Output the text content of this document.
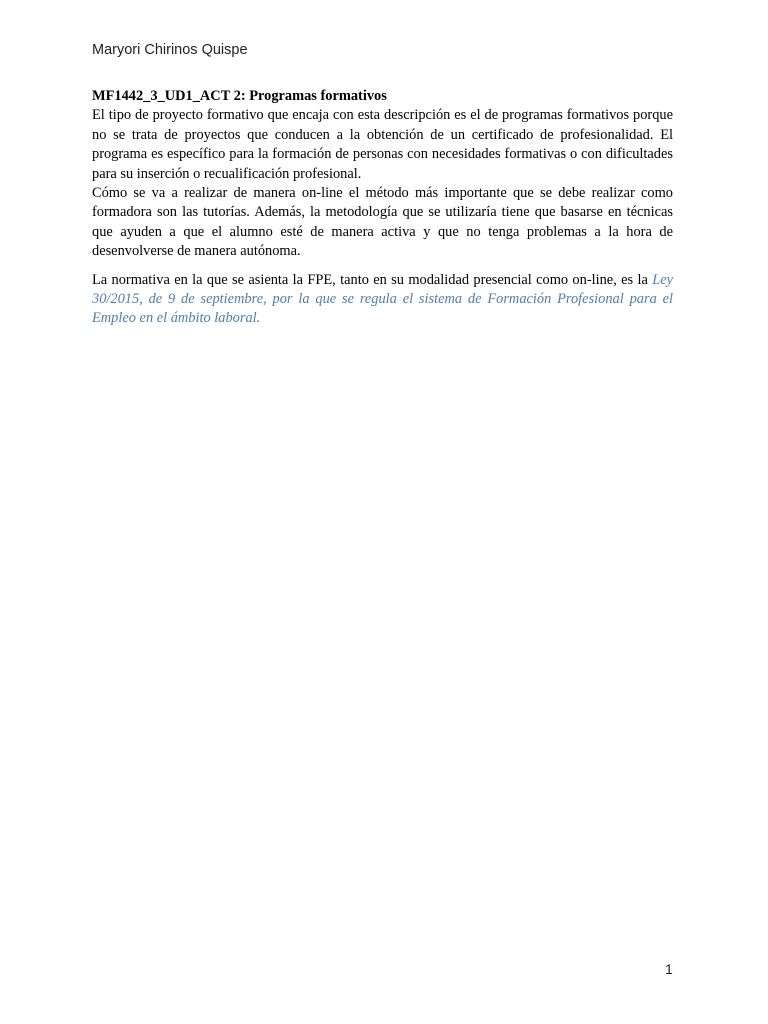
Maryori Chirinos Quispe

MF1442_3_UD1_ACT 2: Programas formativos

El tipo de proyecto formativo que encaja con esta descripción es el de programas formativos porque no se trata de proyectos que conducen a la obtención de un certificado de profesionalidad. El programa es específico para la formación de personas con necesidades formativas o con dificultades para su inserción o recualificación profesional.

Cómo se va a realizar de manera on-line el método más importante que se debe realizar como formadora son las tutorías. Además, la metodología que se utilizaría tiene que basarse en técnicas que ayuden a que el alumno esté de manera activa y que no tenga problemas a la hora de desenvolverse de manera autónoma.

La normativa en la que se asienta la FPE, tanto en su modalidad presencial como on-line, es la Ley 30/2015, de 9 de septiembre, por la que se regula el sistema de Formación Profesional para el Empleo en el ámbito laboral.

1
